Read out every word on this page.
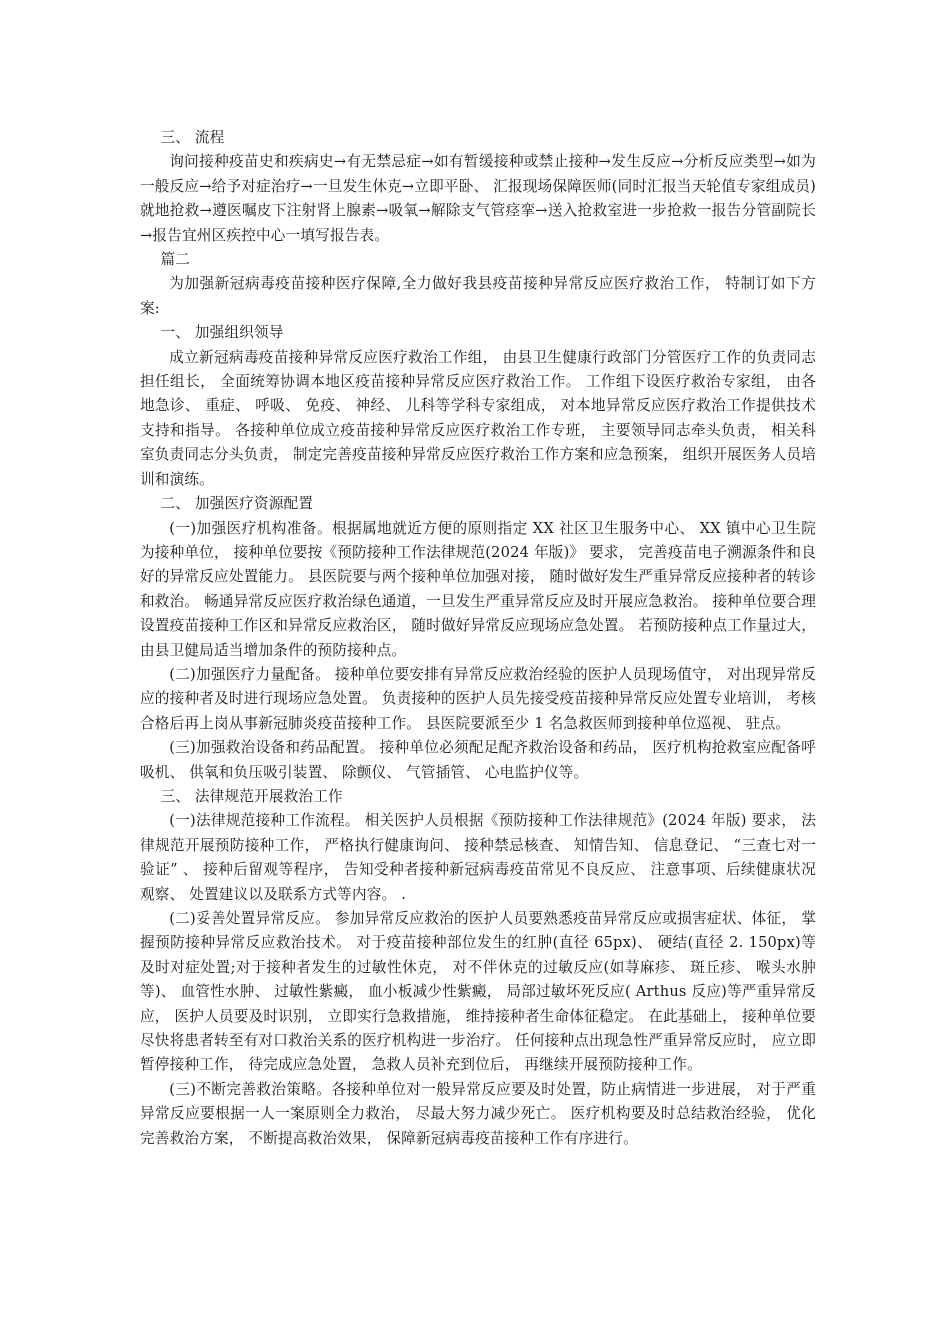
三、 流程

询问接种疫苗史和疾病史→有无禁忌症→如有暂缓接种或禁止接种→发生反应→分析反应类型→如为一般反应→给予对症治疗→一旦发生休克→立即平卧、 汇报现场保障医师(同时汇报当天轮值专家组成员)就地抢救→遵医嘱皮下注射肾上腺素→吸氧→解除支气管痉挛→送入抢救室进一步抢救一报告分管副院长→报告宜州区疾控中心一填写报告表。

篇二

为加强新冠病毒疫苗接种医疗保障,全力做好我县疫苗接种异常反应医疗救治工作， 特制订如下方案:

一、 加强组织领导

成立新冠病毒疫苗接种异常反应医疗救治工作组， 由县卫生健康行政部门分管医疗工作的负责同志担任组长， 全面统筹协调本地区疫苗接种异常反应医疗救治工作。 工作组下设医疗救治专家组， 由各地急诊、 重症、 呼吸、 免疫、 神经、 儿科等学科专家组成， 对本地异常反应医疗救治工作提供技术支持和指导。 各接种单位成立疫苗接种异常反应医疗救治工作专班， 主要领导同志牵头负责， 相关科室负责同志分头负责， 制定完善疫苗接种异常反应医疗救治工作方案和应急预案， 组织开展医务人员培训和演练。

二、 加强医疗资源配置

(一)加强医疗机构准备。根据属地就近方便的原则指定 XX 社区卫生服务中心、 XX 镇中心卫生院为接种单位， 接种单位要按《预防接种工作法律规范(2024 年版)》 要求， 完善疫苗电子溯源条件和良好的异常反应处置能力。 县医院要与两个接种单位加强对接， 随时做好发生严重异常反应接种者的转诊和救治。 畅通异常反应医疗救治绿色通道，一旦发生严重异常反应及时开展应急救治。 接种单位要合理设置疫苗接种工作区和异常反应救治区， 随时做好异常反应现场应急处置。 若预防接种点工作量过大， 由县卫健局适当增加条件的预防接种点。

(二)加强医疗力量配备。 接种单位要安排有异常反应救治经验的医护人员现场值守， 对出现异常反应的接种者及时进行现场应急处置。 负责接种的医护人员先接受疫苗接种异常反应处置专业培训， 考核合格后再上岗从事新冠肺炎疫苗接种工作。 县医院要派至少 1 名急救医师到接种单位巡视、 驻点。

(三)加强救治设备和药品配置。 接种单位必须配足配齐救治设备和药品， 医疗机构抢救室应配备呼吸机、 供氧和负压吸引装置、 除颤仪、 气管插管、 心电监护仪等。

三、 法律规范开展救治工作

(一)法律规范接种工作流程。 相关医护人员根据《预防接种工作法律规范》(2024 年版) 要求， 法律规范开展预防接种工作， 严格执行健康询问、 接种禁忌核查、 知情告知、 信息登记、 “三查七对一验证” 、 接种后留观等程序， 告知受种者接种新冠病毒疫苗常见不良反应、 注意事项、后续健康状况观察、 处置建议以及联系方式等内容。 .

(二)妥善处置异常反应。 参加异常反应救治的医护人员要熟悉疫苗异常反应或损害症状、体征， 掌握预防接种异常反应救治技术。 对于疫苗接种部位发生的红肿(直径 65px)、 硬结(直径 2. 150px)等及时对症处置;对于接种者发生的过敏性休克， 对不伴休克的过敏反应(如荨麻疹、 斑丘疹、 喉头水肿等)、 血管性水肿、 过敏性紫癜， 血小板减少性紫癜， 局部过敏坏死反应( Arthus 反应)等严重异常反应， 医护人员要及时识别， 立即实行急救措施， 维持接种者生命体征稳定。 在此基础上， 接种单位要尽快将患者转至有对口救治关系的医疗机构进一步治疗。 任何接种点出现急性严重异常反应时， 应立即暂停接种工作， 待完成应急处置， 急救人员补充到位后， 再继续开展预防接种工作。

(三)不断完善救治策略。各接种单位对一般异常反应要及时处置，防止病情进一步进展， 对于严重异常反应要根据一人一案原则全力救治， 尽最大努力减少死亡。 医疗机构要及时总结救治经验， 优化完善救治方案， 不断提高救治效果， 保障新冠病毒疫苗接种工作有序进行。
